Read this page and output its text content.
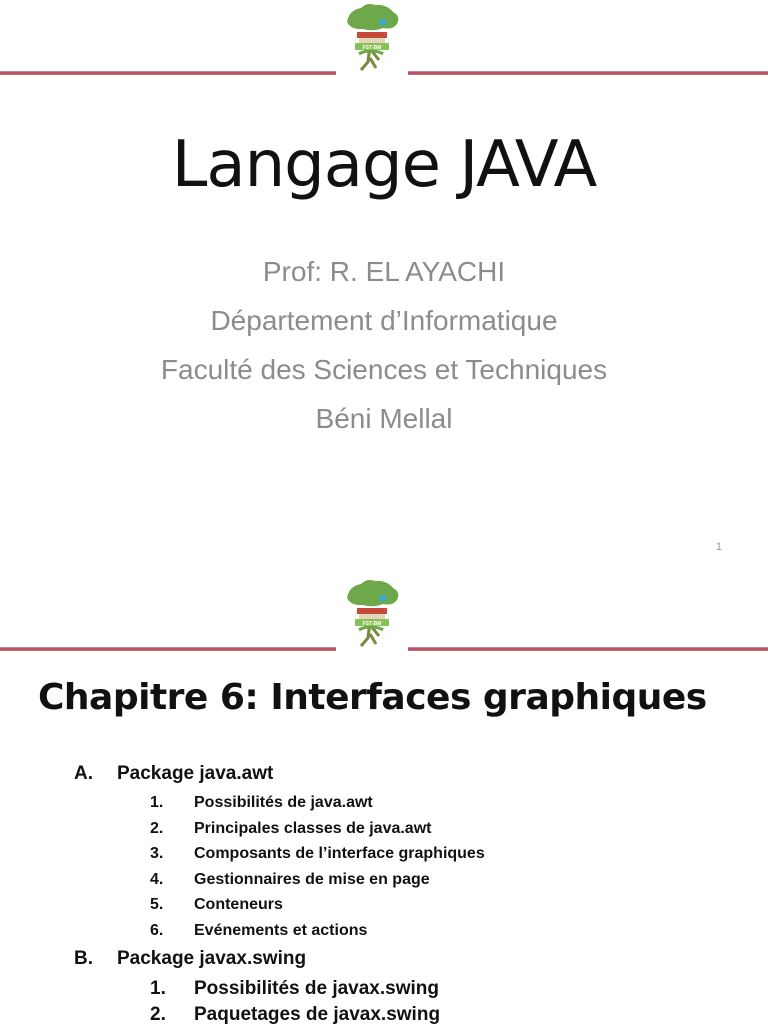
FST-BM
Langage JAVA
Prof: R. EL AYACHI
Département d’Informatique
Faculté des Sciences et Techniques
Béni Mellal
1
FST-BM
Chapitre 6: Interfaces graphiques
A. Package java.awt
1. Possibilités de java.awt
2. Principales classes de java.awt
3. Composants de l’interface graphiques
4. Gestionnaires de mise en page
5. Conteneurs
6. Evénements et actions
B. Package javax.swing
1. Possibilités de javax.swing
2. Paquetages de javax.swing
